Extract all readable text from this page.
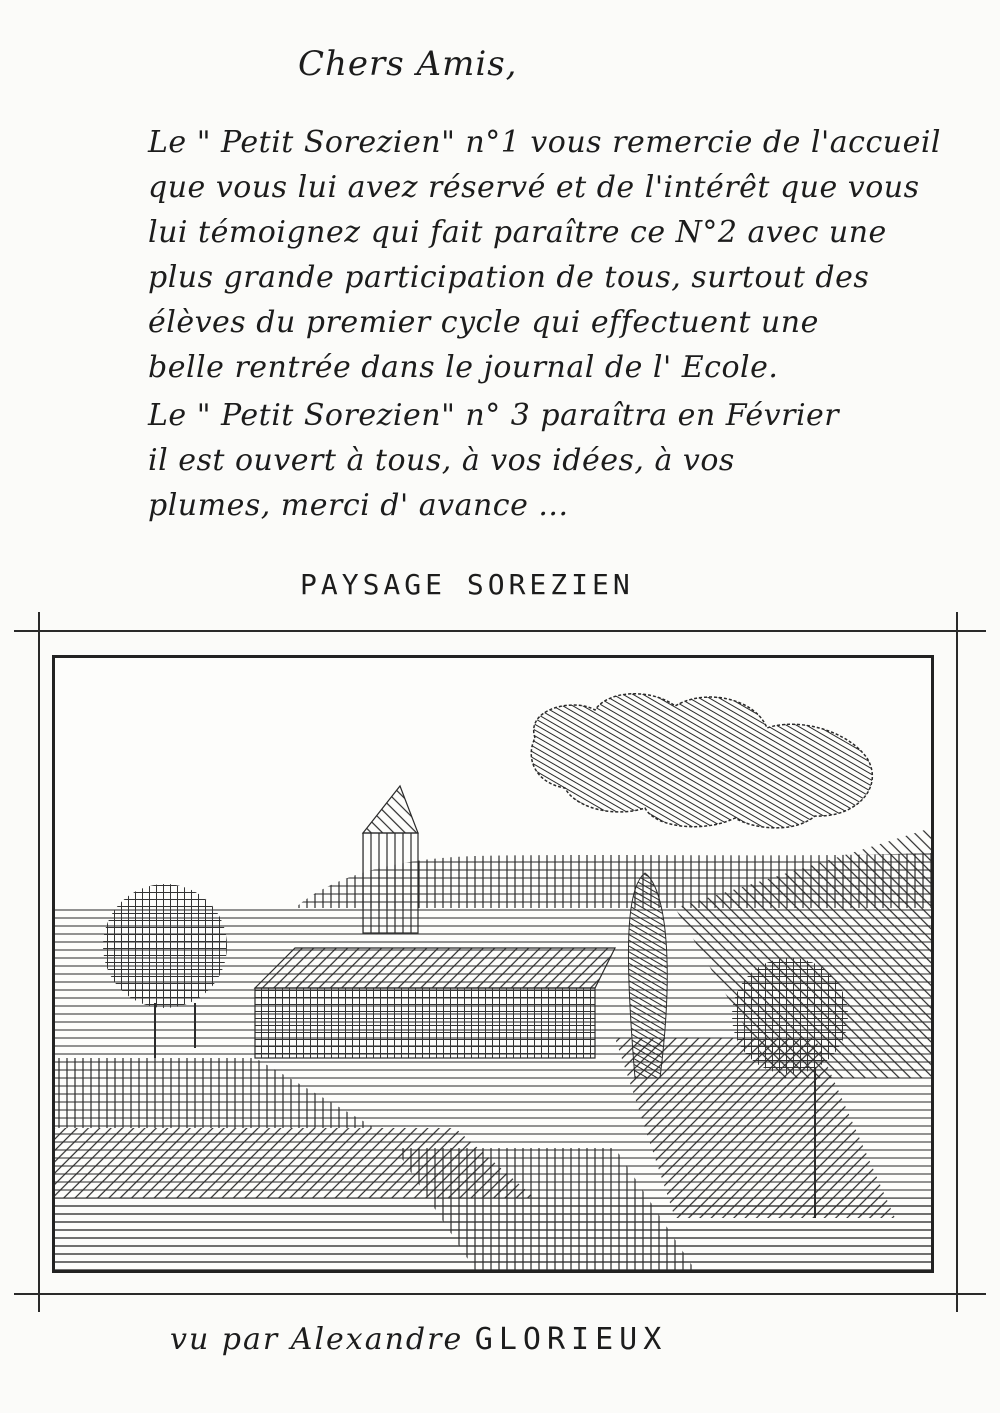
Chers Amis,
Le " Petit Sorezien" n°1 vous remercie de l'accueil
que vous lui avez réservé et de l'intérêt que vous
lui témoignez qui fait paraître ce N°2 avec une
plus grande participation de tous, surtout des
élèves du premier cycle qui effectuent une
belle rentrée dans le journal de l' Ecole.
Le " Petit Sorezien" n° 3 paraîtra en Février
il est ouvert à tous, à vos idées, à vos
plumes, merci d' avance ...
PAYSAGE SOREZIEN
vu par Alexandre GLORIEUX
